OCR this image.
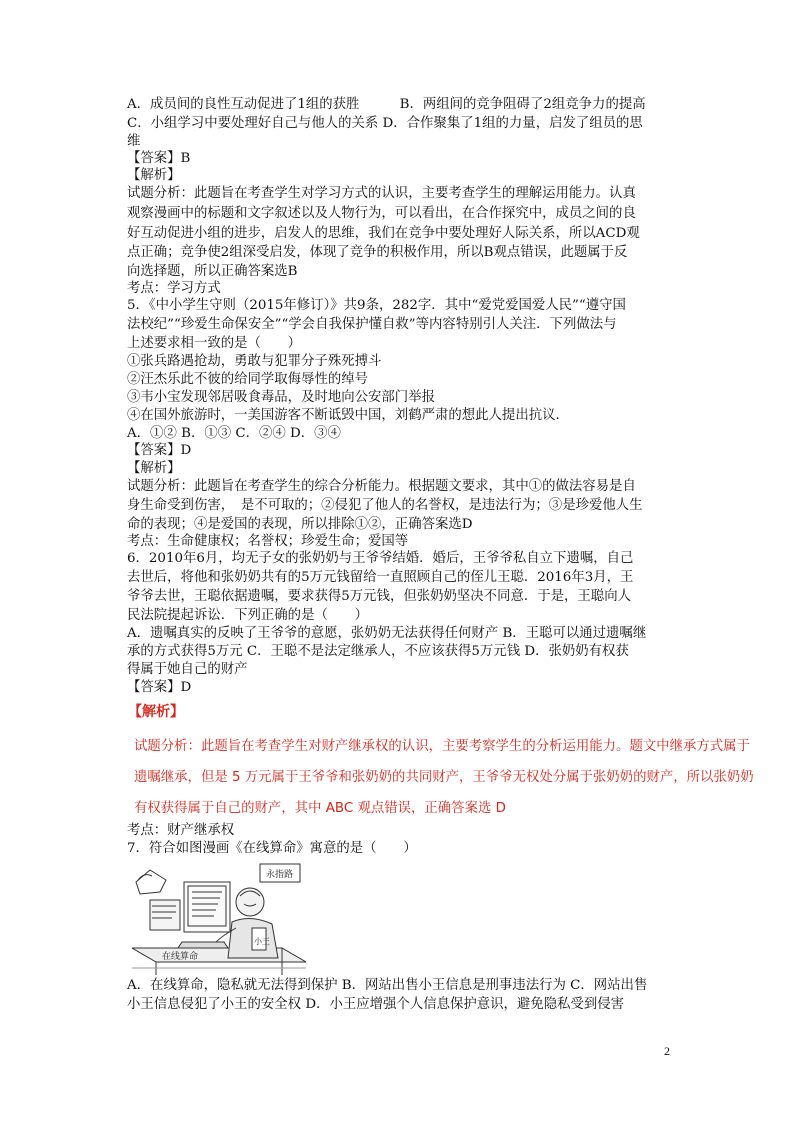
A．成员间的良性互动促进了1组的获胜　　　B．两组间的竞争阻碍了2组竞争力的提高
C．小组学习中要处理好自己与他人的关系 D．合作聚集了1组的力量，启发了组员的思
维
【答案】B
【解析】
试题分析：此题旨在考查学生对学习方式的认识，主要考查学生的理解运用能力。认真
观察漫画中的标题和文字叙述以及人物行为，可以看出，在合作探究中，成员之间的良
好互动促进小组的进步，启发人的思维，我们在竞争中要处理好人际关系，所以ACD观
点正确；竞争使2组深受启发，体现了竞争的积极作用，所以B观点错误，此题属于反
向选择题，所以正确答案选B
考点：学习方式
5．《中小学生守则（2015年修订）》共9条，282字．其中“爱党爱国爱人民”“遵守国
法校纪”“珍爱生命保安全”“学会自我保护懂自救”等内容特别引人关注．下列做法与
上述要求相一致的是（　　）
①张兵路遇抢劫，勇敢与犯罪分子殊死搏斗
②汪杰乐此不彼的给同学取侮辱性的绰号
③韦小宝发现邻居吸食毒品，及时地向公安部门举报
④在国外旅游时，一美国游客不断诋毁中国，刘鹤严肃的想此人提出抗议．
A．①② B．①③ C．②④ D．③④
【答案】D
【解析】
试题分析：此题旨在考查学生的综合分析能力。根据题文要求，其中①的做法容易是自
身生命受到伤害，　是不可取的；②侵犯了他人的名誉权，是违法行为；③是珍爱他人生
命的表现；④是爱国的表现，所以排除①②，正确答案选D
考点：生命健康权；名誉权；珍爱生命；爱国等
6．2010年6月，均无子女的张奶奶与王爷爷结婚．婚后，王爷爷私自立下遗嘱，自己
去世后，将他和张奶奶共有的5万元钱留给一直照顾自己的侄儿王聪．2016年3月，王
爷爷去世，王聪依据遗嘱，要求获得5万元钱，但张奶奶坚决不同意．于是，王聪向人
民法院提起诉讼．下列正确的是（　　）
A．遗嘱真实的反映了王爷爷的意愿，张奶奶无法获得任何财产 B．王聪可以通过遗嘱继
承的方式获得5万元 C．王聪不是法定继承人，不应该获得5万元钱 D．张奶奶有权获
得属于她自己的财产
【答案】D
【解析】
试题分析：此题旨在考查学生对财产继承权的认识，主要考察学生的分析运用能力。题文中继承方式属于
遗嘱继承，但是 5 万元属于王爷爷和张奶奶的共同财产，王爷爷无权处分属于张奶奶的财产，所以张奶奶
有权获得属于自己的财产，其中 ABC 观点错误，正确答案选 D
考点：财产继承权
7．符合如图漫画《在线算命》寓意的是（　　）
永指路
小王
在线算命
A．在线算命，隐私就无法得到保护 B．网站出售小王信息是刑事违法行为 C．网站出售
小王信息侵犯了小王的安全权 D．小王应增强个人信息保护意识，避免隐私受到侵害
2
